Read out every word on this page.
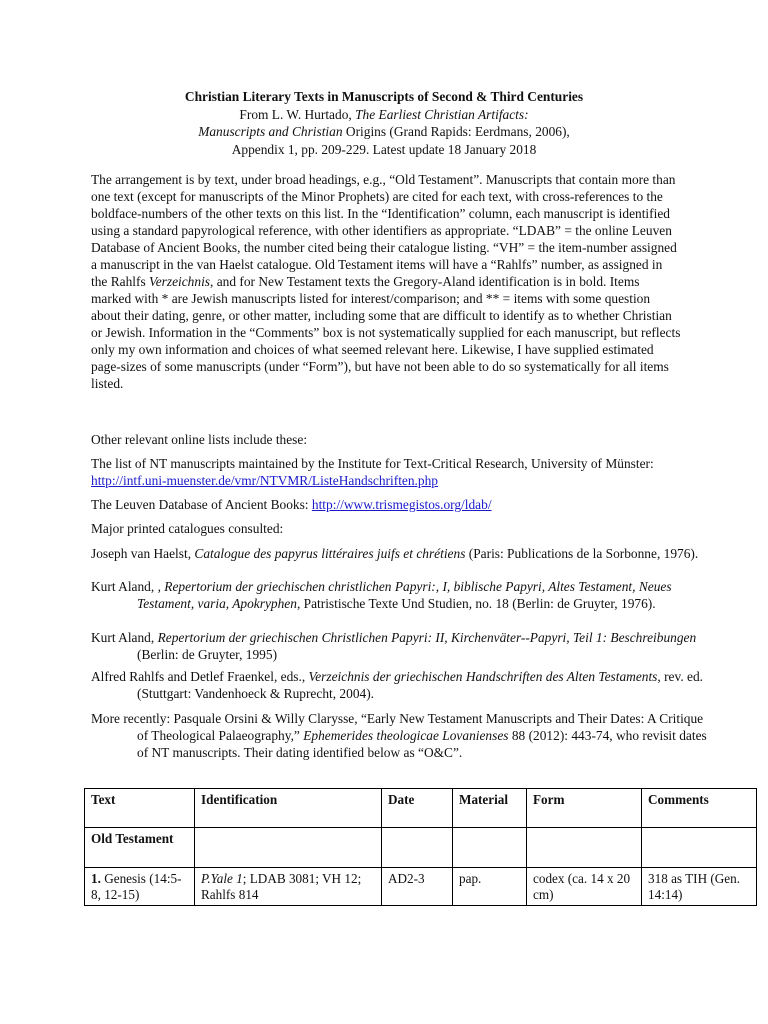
Christian Literary Texts in Manuscripts of Second & Third Centuries
From L. W. Hurtado, The Earliest Christian Artifacts:
Manuscripts and Christian Origins (Grand Rapids: Eerdmans, 2006),
Appendix 1, pp. 209-229. Latest update 18 January 2018
The arrangement is by text, under broad headings, e.g., “Old Testament”. Manuscripts that contain more than one text (except for manuscripts of the Minor Prophets) are cited for each text, with cross-references to the boldface-numbers of the other texts on this list. In the “Identification” column, each manuscript is identified using a standard papyrological reference, with other identifiers as appropriate. “LDAB” = the online Leuven Database of Ancient Books, the number cited being their catalogue listing. “VH” = the item-number assigned a manuscript in the van Haelst catalogue. Old Testament items will have a “Rahlfs” number, as assigned in the Rahlfs Verzeichnis, and for New Testament texts the Gregory-Aland identification is in bold. Items marked with * are Jewish manuscripts listed for interest/comparison; and ** = items with some question about their dating, genre, or other matter, including some that are difficult to identify as to whether Christian or Jewish. Information in the “Comments” box is not systematically supplied for each manuscript, but reflects only my own information and choices of what seemed relevant here. Likewise, I have supplied estimated page-sizes of some manuscripts (under “Form”), but have not been able to do so systematically for all items listed.
Other relevant online lists include these:
The list of NT manuscripts maintained by the Institute for Text-Critical Research, University of Münster: http://intf.uni-muenster.de/vmr/NTVMR/ListeHandschriften.php
The Leuven Database of Ancient Books: http://www.trismegistos.org/ldab/
Major printed catalogues consulted:
Joseph van Haelst, Catalogue des papyrus littéraires juifs et chrétiens (Paris: Publications de la Sorbonne, 1976).
Kurt Aland, , Repertorium der griechischen christlichen Papyri:, I, biblische Papyri, Altes Testament, Neues Testament, varia, Apokryphen, Patristische Texte Und Studien, no. 18 (Berlin: de Gruyter, 1976).
Kurt Aland, Repertorium der griechischen Christlichen Papyri: II, Kirchenväter--Papyri, Teil 1: Beschreibungen (Berlin: de Gruyter, 1995)
Alfred Rahlfs and Detlef Fraenkel, eds., Verzeichnis der griechischen Handschriften des Alten Testaments, rev. ed. (Stuttgart: Vandenhoeck & Ruprecht, 2004).
More recently: Pasquale Orsini & Willy Clarysse, “Early New Testament Manuscripts and Their Dates: A Critique of Theological Palaeography,” Ephemerides theologicae Lovanienses 88 (2012): 443-74, who revisit dates of NT manuscripts. Their dating identified below as “O&C”.
Text	Identification	Date	Material	Form	Comments
Old Testament					
1. Genesis (14:5-8, 12-15)	P.Yale 1; LDAB 3081; VH 12; Rahlfs 814	AD2-3	pap.	codex (ca. 14 x 20 cm)	318 as TIH (Gen. 14:14)
